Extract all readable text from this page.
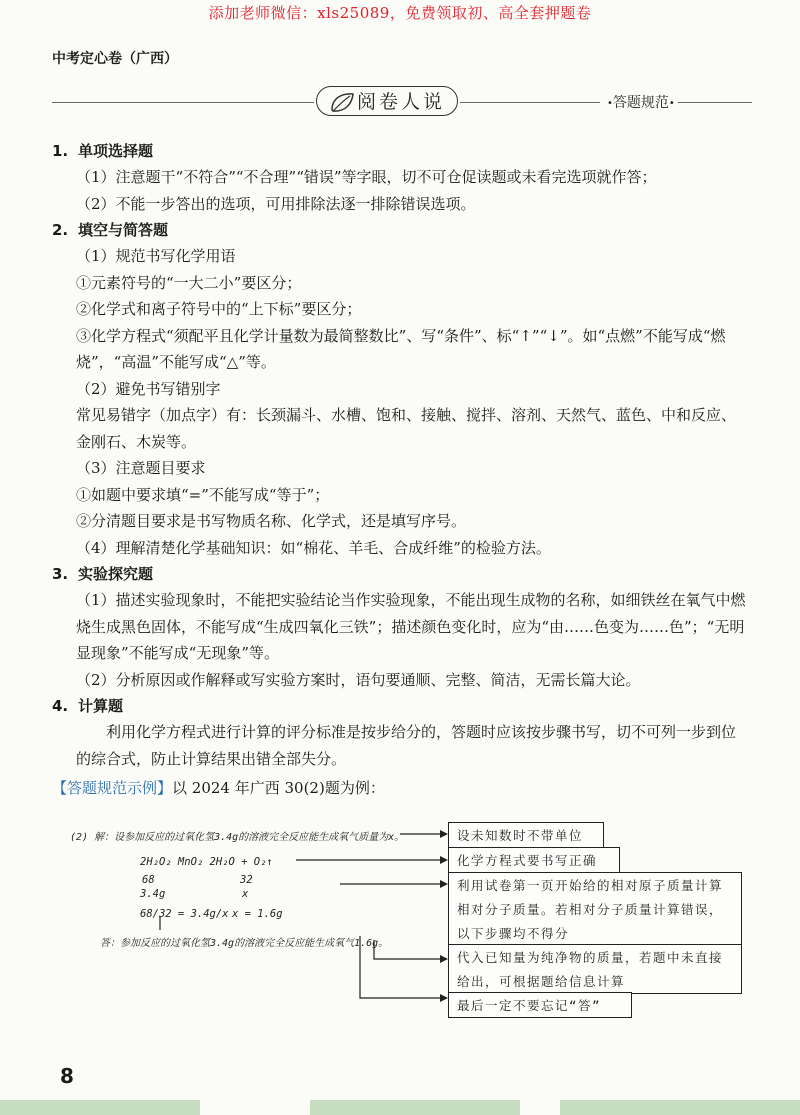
添加老师微信：xls25089，免费领取初、高全套押题卷
中考定心卷（广西）
阅卷人说
•	答题规范 •
1. 单项选择题

（1）注意题干“不符合”“不合理”“错误”等字眼，切不可仓促读题或未看完选项就作答；

（2）不能一步答出的选项，可用排除法逐一排除错误选项。

2. 填空与简答题

（1）规范书写化学用语

①元素符号的“一大二小”要区分；

②化学式和离子符号中的“上下标”要区分；

③化学方程式“须配平且化学计量数为最简整数比”、写“条件”、标“↑”“↓”。如“点燃”不能写成“燃烧”，“高温”不能写成“△”等。

（2）避免书写错别字

常见易错字（加点字）有：长颈漏斗、水槽、饱和、接触、搅拌、溶剂、天然气、蓝色、中和反应、金刚石、木炭等。

（3）注意题目要求

①如题中要求填“=”不能写成“等于”；

②分清题目要求是书写物质名称、化学式，还是填写序号。

（4）理解清楚化学基础知识：如“棉花、羊毛、合成纤维”的检验方法。

3. 实验探究题

（1）描述实验现象时，不能把实验结论当作实验现象，不能出现生成物的名称，如细铁丝在氧气中燃烧生成黑色固体，不能写成“生成四氧化三铁”；描述颜色变化时，应为“由……色变为……色”；“无明显现象”不能写成“无现象”等。

（2）分析原因或作解释或写实验方案时，语句要通顺、完整、简洁，无需长篇大论。

4. 计算题

利用化学方程式进行计算的评分标准是按步给分的，答题时应该按步骤书写，切不可列一步到位的综合式，防止计算结果出错全部失分。

【答题规范示例】以 2024 年广西 30(2)题为例：
(2) 解：设参加反应的过氧化氢3.4g的溶液完全反应能生成氧气质量为x。
2H₂O₂ MnO₂ 2H₂O + O₂↑
68	32
3.4g	x
68/32 = 3.4g/x x = 1.6g
答：参加反应的过氧化氢3.4g的溶液完全反应能生成氧气1.6g。
设未知数时不带单位
化学方程式要书写正确
利用试卷第一页开始给的相对原子质量计算相对分子质量。若相对分子质量计算错误，以下步骤均不得分
代入已知量为纯净物的质量，若题中未直接给出，可根据题给信息计算
最后一定不要忘记“答”
8
